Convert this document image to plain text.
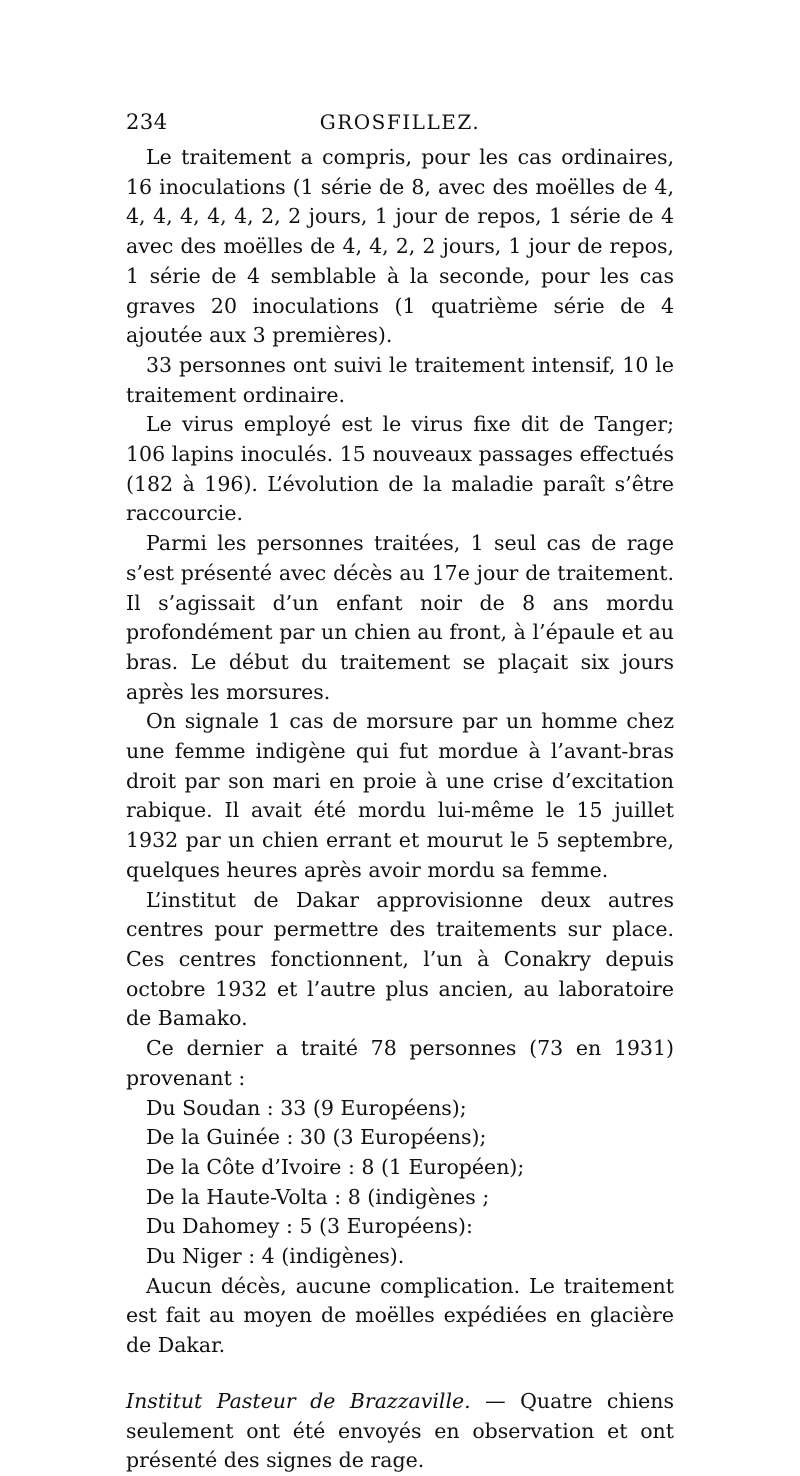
234	GROSFILLEZ.

Le traitement a compris, pour les cas ordinaires, 16 inoculations (1 série de 8, avec des moëlles de 4, 4, 4, 4, 4, 4, 2, 2 jours, 1 jour de repos, 1 série de 4 avec des moëlles de 4, 4, 2, 2 jours, 1 jour de repos, 1 série de 4 semblable à la seconde, pour les cas graves 20 inoculations (1 quatrième série de 4 ajoutée aux 3 premières).

33 personnes ont suivi le traitement intensif, 10 le traitement ordinaire.

Le virus employé est le virus fixe dit de Tanger; 106 lapins inoculés. 15 nouveaux passages effectués (182 à 196). L’évolution de la maladie paraît s’être raccourcie.

Parmi les personnes traitées, 1 seul cas de rage s’est présenté avec décès au 17e jour de traitement. Il s’agissait d’un enfant noir de 8 ans mordu profondément par un chien au front, à l’épaule et au bras. Le début du traitement se plaçait six jours après les morsures.

On signale 1 cas de morsure par un homme chez une femme indigène qui fut mordue à l’avant-bras droit par son mari en proie à une crise d’excitation rabique. Il avait été mordu lui-même le 15 juillet 1932 par un chien errant et mourut le 5 septembre, quelques heures après avoir mordu sa femme.

L’institut de Dakar approvisionne deux autres centres pour permettre des traitements sur place. Ces centres fonctionnent, l’un à Conakry depuis octobre 1932 et l’autre plus ancien, au laboratoire de Bamako.

Ce dernier a traité 78 personnes (73 en 1931) provenant :

Du Soudan : 33 (9 Européens);
De la Guinée : 30 (3 Européens);
De la Côte d’Ivoire : 8 (1 Européen);
De la Haute-Volta : 8 (indigènes ;
Du Dahomey : 5 (3 Européens):
Du Niger : 4 (indigènes).

Aucun décès, aucune complication. Le traitement est fait au moyen de moëlles expédiées en glacière de Dakar.

Institut Pasteur de Brazzaville. — Quatre chiens seulement ont été envoyés en observation et ont présenté des signes de rage.
